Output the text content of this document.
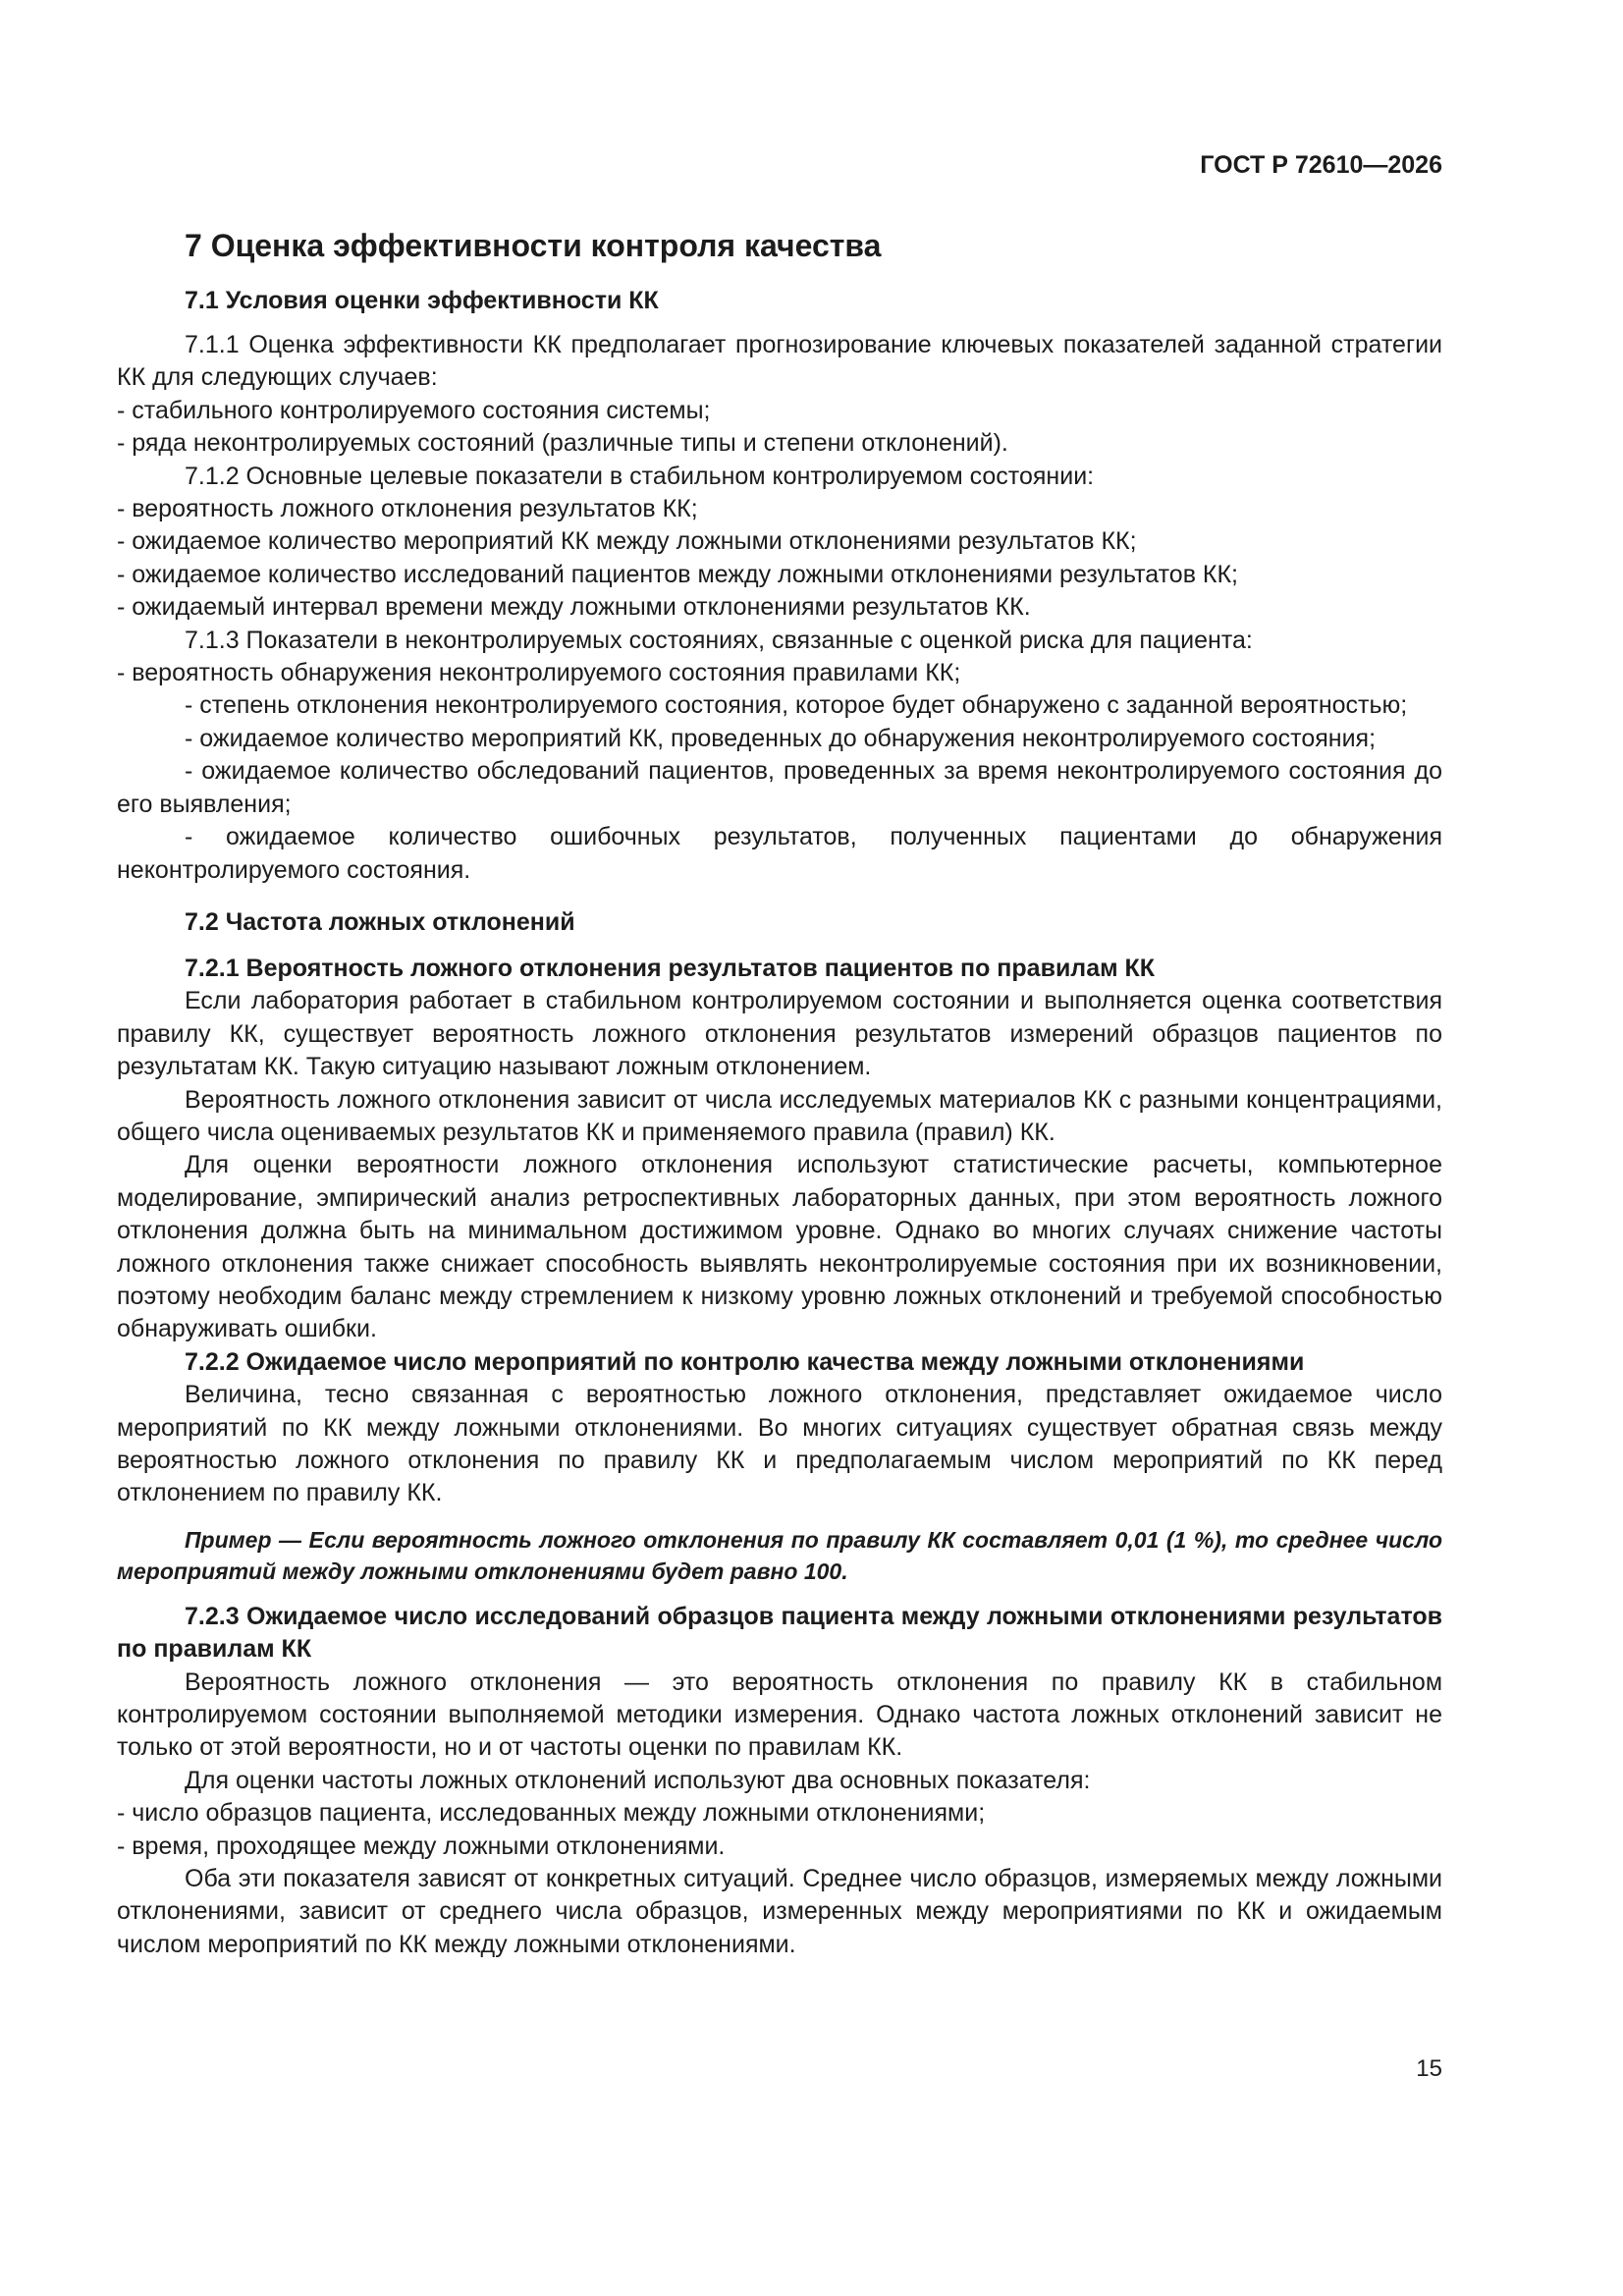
ГОСТ Р 72610—2026
7 Оценка эффективности контроля качества
7.1 Условия оценки эффективности КК

7.1.1 Оценка эффективности КК предполагает прогнозирование ключевых показателей заданной стратегии КК для следующих случаев:

- стабильного контролируемого состояния системы;

- ряда неконтролируемых состояний (различные типы и степени отклонений).

7.1.2 Основные целевые показатели в стабильном контролируемом состоянии:

- вероятность ложного отклонения результатов КК;

- ожидаемое количество мероприятий КК между ложными отклонениями результатов КК;

- ожидаемое количество исследований пациентов между ложными отклонениями результатов КК;

- ожидаемый интервал времени между ложными отклонениями результатов КК.

7.1.3 Показатели в неконтролируемых состояниях, связанные с оценкой риска для пациента:

- вероятность обнаружения неконтролируемого состояния правилами КК;

- степень отклонения неконтролируемого состояния, которое будет обнаружено с заданной вероятностью;

- ожидаемое количество мероприятий КК, проведенных до обнаружения неконтролируемого состояния;

- ожидаемое количество обследований пациентов, проведенных за время неконтролируемого состояния до его выявления;

- ожидаемое количество ошибочных результатов, полученных пациентами до обнаружения неконтролируемого состояния.

7.2 Частота ложных отклонений

7.2.1 Вероятность ложного отклонения результатов пациентов по правилам КК

Если лаборатория работает в стабильном контролируемом состоянии и выполняется оценка соответствия правилу КК, существует вероятность ложного отклонения результатов измерений образцов пациентов по результатам КК. Такую ситуацию называют ложным отклонением.

Вероятность ложного отклонения зависит от числа исследуемых материалов КК с разными концентрациями, общего числа оцениваемых результатов КК и применяемого правила (правил) КК.

Для оценки вероятности ложного отклонения используют статистические расчеты, компьютерное моделирование, эмпирический анализ ретроспективных лабораторных данных, при этом вероятность ложного отклонения должна быть на минимальном достижимом уровне. Однако во многих случаях снижение частоты ложного отклонения также снижает способность выявлять неконтролируемые состояния при их возникновении, поэтому необходим баланс между стремлением к низкому уровню ложных отклонений и требуемой способностью обнаруживать ошибки.

7.2.2 Ожидаемое число мероприятий по контролю качества между ложными отклонениями

Величина, тесно связанная с вероятностью ложного отклонения, представляет ожидаемое число мероприятий по КК между ложными отклонениями. Во многих ситуациях существует обратная связь между вероятностью ложного отклонения по правилу КК и предполагаемым числом мероприятий по КК перед отклонением по правилу КК.

Пример — Если вероятность ложного отклонения по правилу КК составляет 0,01 (1 %), то среднее число мероприятий между ложными отклонениями будет равно 100.

7.2.3 Ожидаемое число исследований образцов пациента между ложными отклонениями результатов по правилам КК

Вероятность ложного отклонения — это вероятность отклонения по правилу КК в стабильном контролируемом состоянии выполняемой методики измерения. Однако частота ложных отклонений зависит не только от этой вероятности, но и от частоты оценки по правилам КК.

Для оценки частоты ложных отклонений используют два основных показателя:

- число образцов пациента, исследованных между ложными отклонениями;

- время, проходящее между ложными отклонениями.

Оба эти показателя зависят от конкретных ситуаций. Среднее число образцов, измеряемых между ложными отклонениями, зависит от среднего числа образцов, измеренных между мероприятиями по КК и ожидаемым числом мероприятий по КК между ложными отклонениями.

15
